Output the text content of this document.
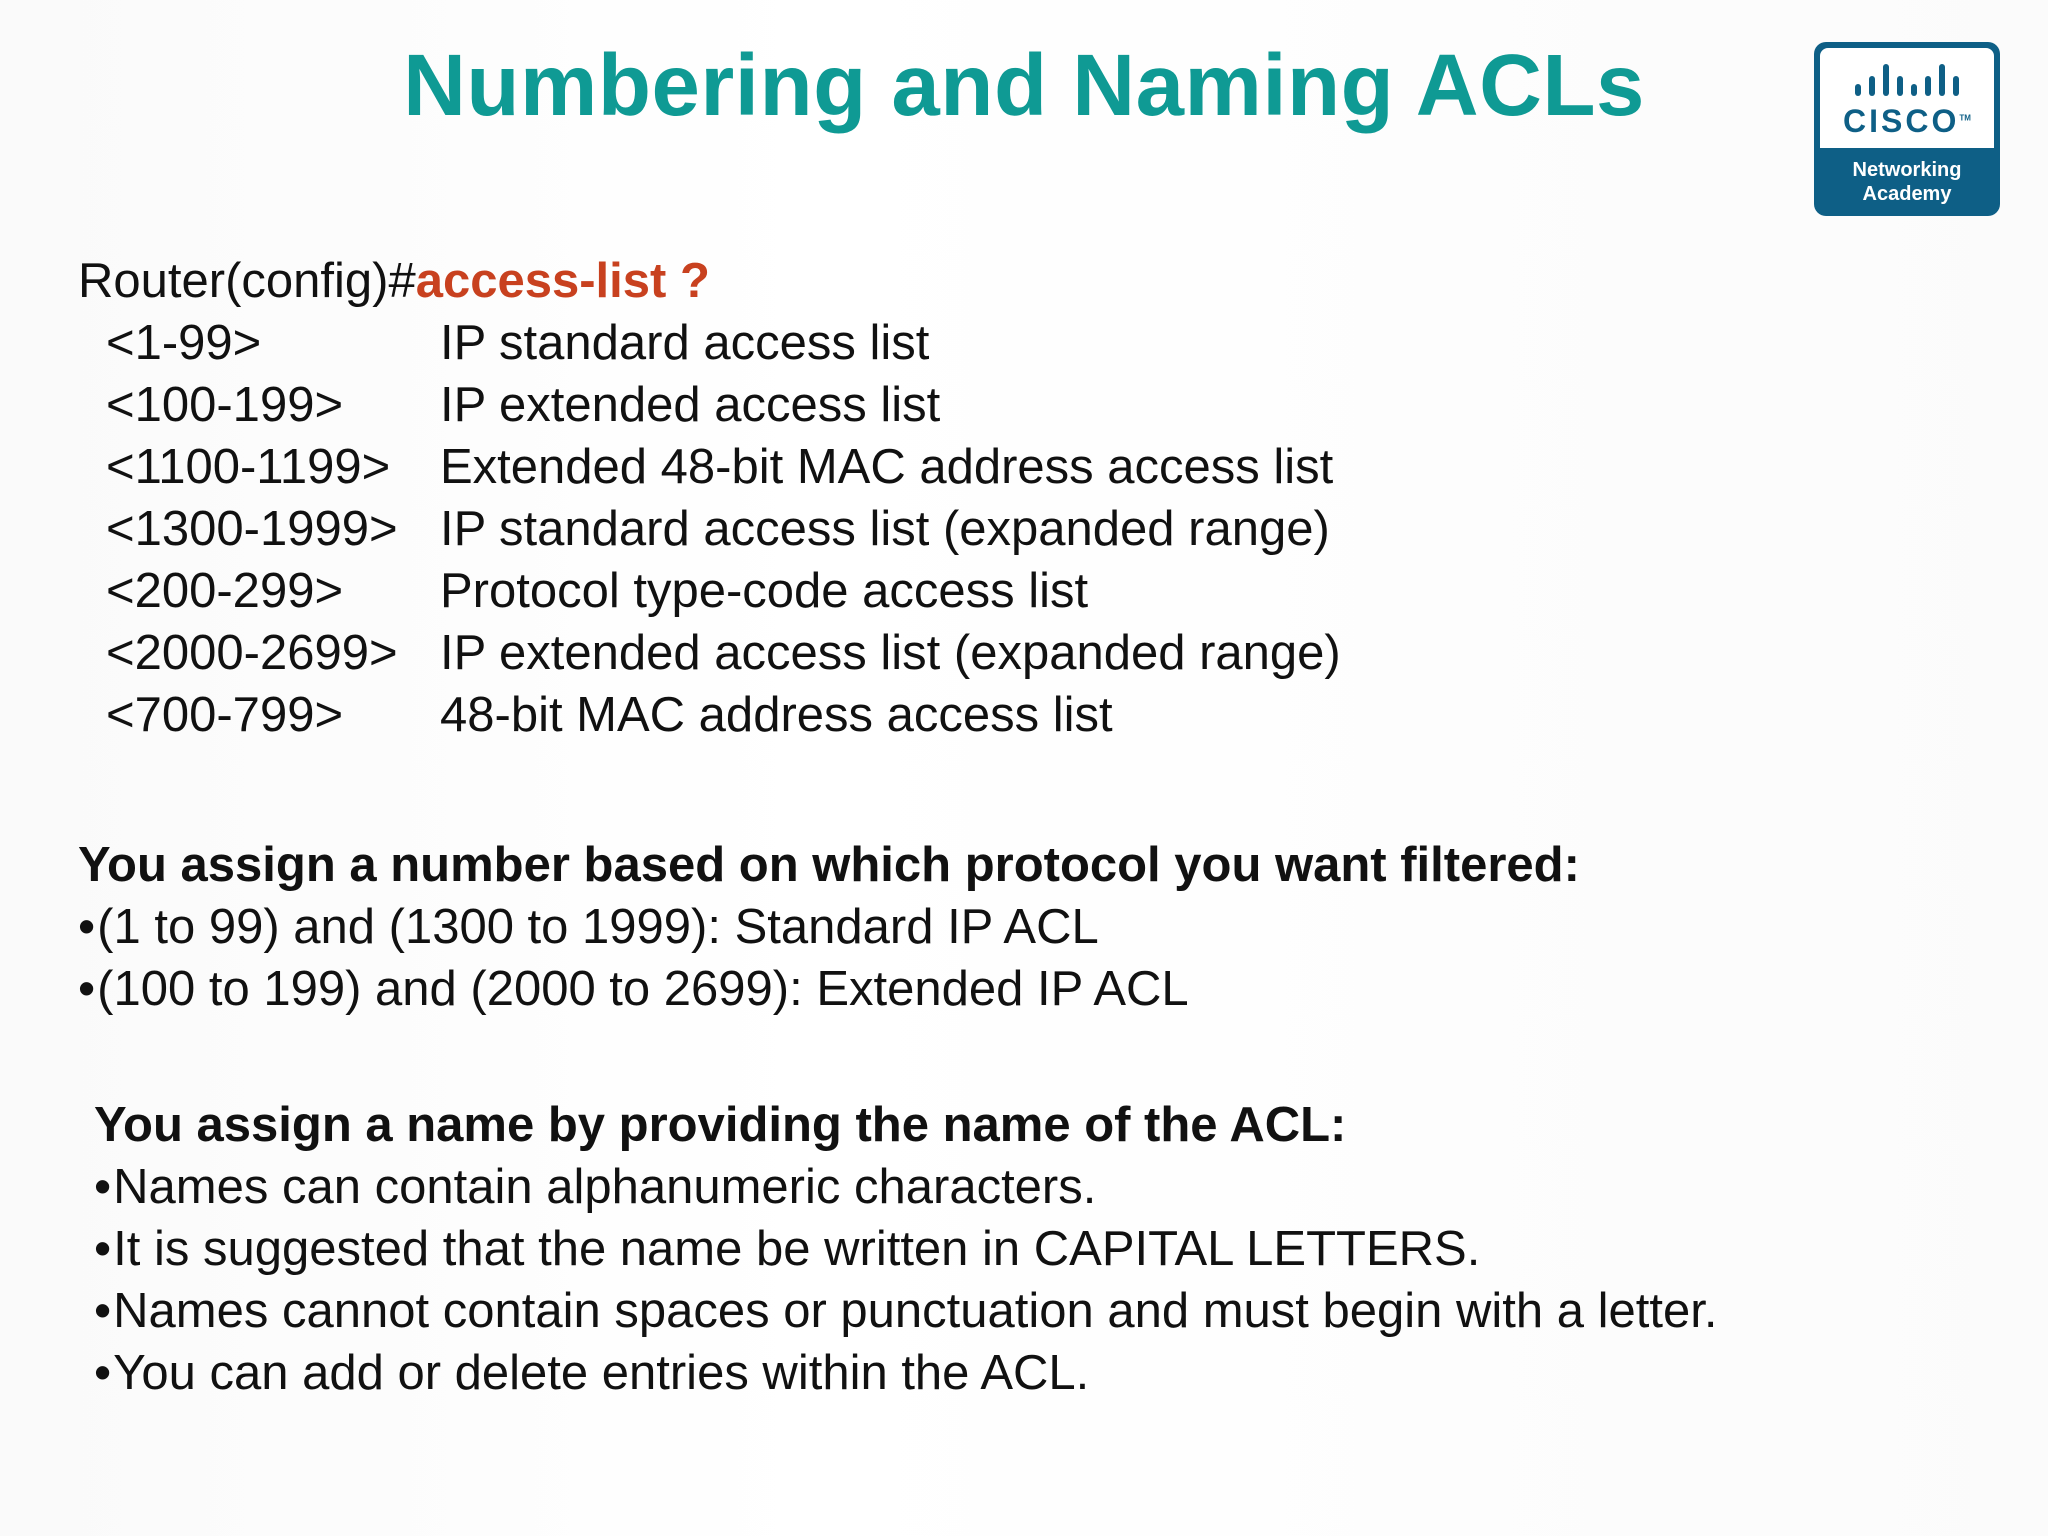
Numbering and Naming ACLs	CISCO™
Networking
Academy
Router(config)#access-list ?
<1-99>	IP standard access list
<100-199> IP extended access list
<1100-1199> Extended 48-bit MAC address access list
<1300-1999> IP standard access list (expanded range)
<200-299> Protocol type-code access list
<2000-2699> IP extended access list (expanded range)
<700-799> 48-bit MAC address access list
You assign a number based on which protocol you want filtered:
•(1 to 99) and (1300 to 1999): Standard IP ACL
•(100 to 199) and (2000 to 2699): Extended IP ACL
You assign a name by providing the name of the ACL:
•Names can contain alphanumeric characters.
•It is suggested that the name be written in CAPITAL LETTERS.
•Names cannot contain spaces or punctuation and must begin with a letter.
•You can add or delete entries within the ACL.
